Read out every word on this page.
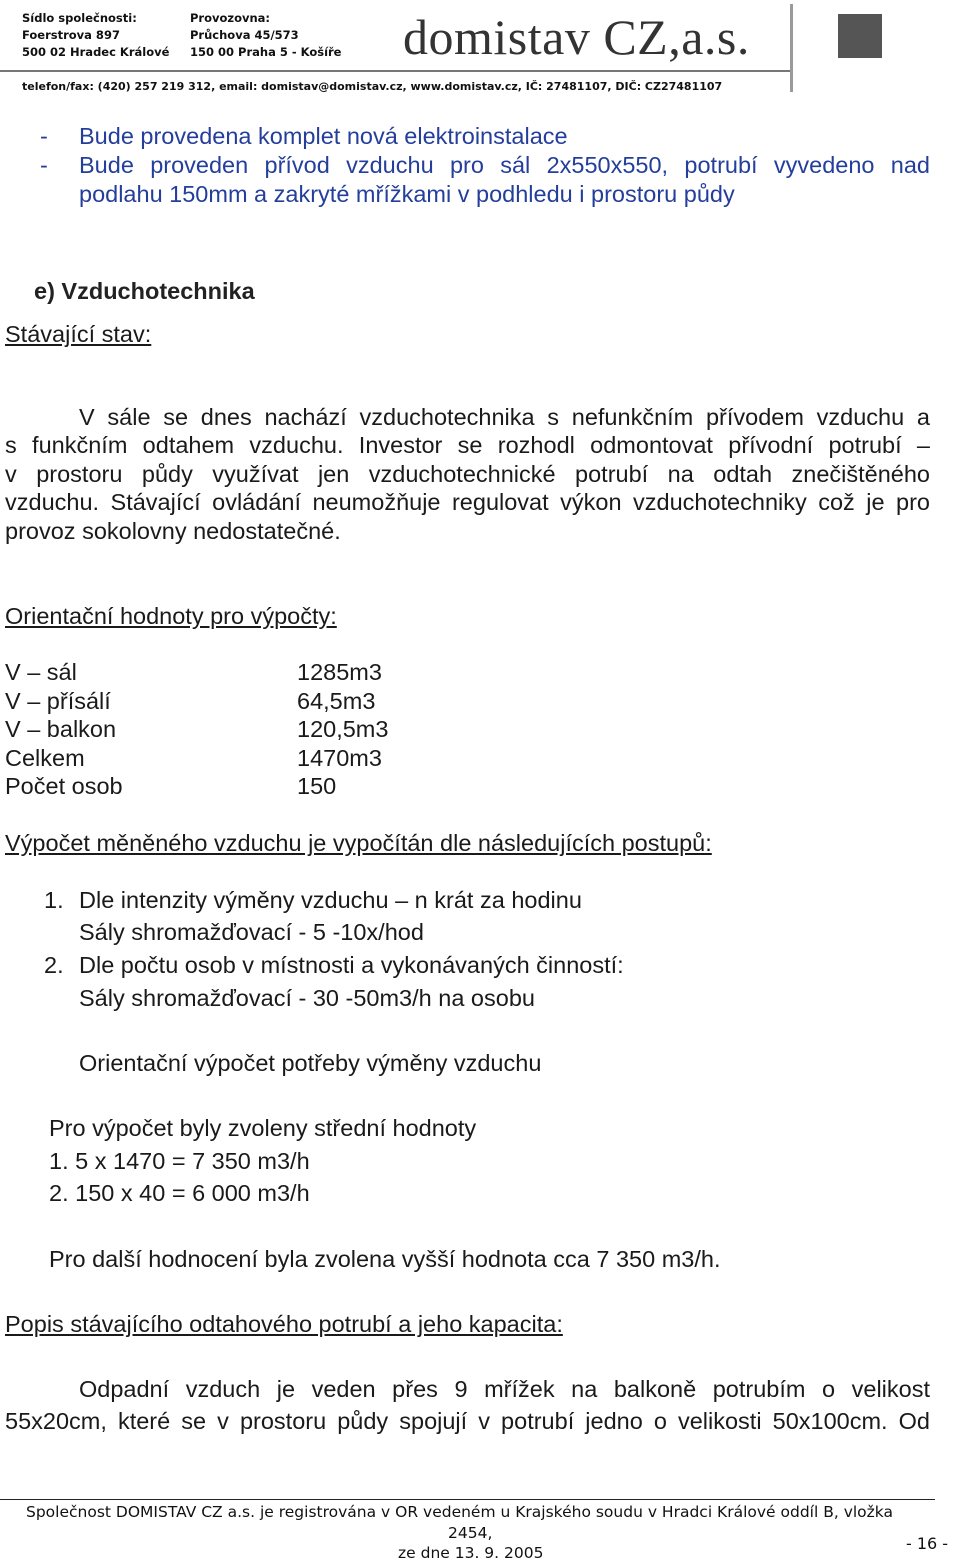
Sídlo společnosti:
Foerstrova 897
500 02 Hradec Králové
Provozovna:
Průchova 45/573
150 00 Praha 5 - Košíře domistav CZ,a.s.
telefon/fax: (420) 257 219 312, email: domistav@domistav.cz, www.domistav.cz, IČ: 27481107, DIČ: CZ27481107
- Bude provedena komplet nová elektroinstalace
- Bude proveden přívod vzduchu pro sál 2x550x550, potrubí vyvedeno nad
podlahu 150mm a zakryté mřížkami v podhledu i prostoru půdy
e) Vzduchotechnika
Stávající stav:
V sále se dnes nachází vzduchotechnika s nefunkčním přívodem vzduchu a
s funkčním odtahem vzduchu. Investor se rozhodl odmontovat přívodní potrubí –
v prostoru půdy využívat jen vzduchotechnické potrubí na odtah znečištěného
vzduchu. Stávající ovládání neumožňuje regulovat výkon vzduchotechniky což je pro
provoz sokolovny nedostatečné.
Orientační hodnoty pro výpočty:
V – sál	1285m3
V – přísálí	64,5m3
V – balkon	120,5m3
Celkem	1470m3
Počet osob	150
Výpočet měněného vzduchu je vypočítán dle následujících postupů:
1. Dle intenzity výměny vzduchu – n krát za hodinu
Sály shromažďovací - 5 -10x/hod
2. Dle počtu osob v místnosti a vykonávaných činností:
Sály shromažďovací - 30 -50m3/h na osobu
Orientační výpočet potřeby výměny vzduchu
Pro výpočet byly zvoleny střední hodnoty
1. 5 x 1470 = 7 350 m3/h
2. 150 x 40 = 6 000 m3/h
Pro další hodnocení byla zvolena vyšší hodnota cca 7 350 m3/h.
Popis stávajícího odtahového potrubí a jeho kapacita:
Odpadní vzduch je veden přes 9 mřížek na balkoně potrubím o velikost
55x20cm, které se v prostoru půdy spojují v potrubí jedno o velikosti 50x100cm. Od
Společnost DOMISTAV CZ a.s. je registrována v OR vedeném u Krajského soudu v Hradci Králové oddíl B, vložka
2454,
ze dne 13. 9. 2005	- 16 -
